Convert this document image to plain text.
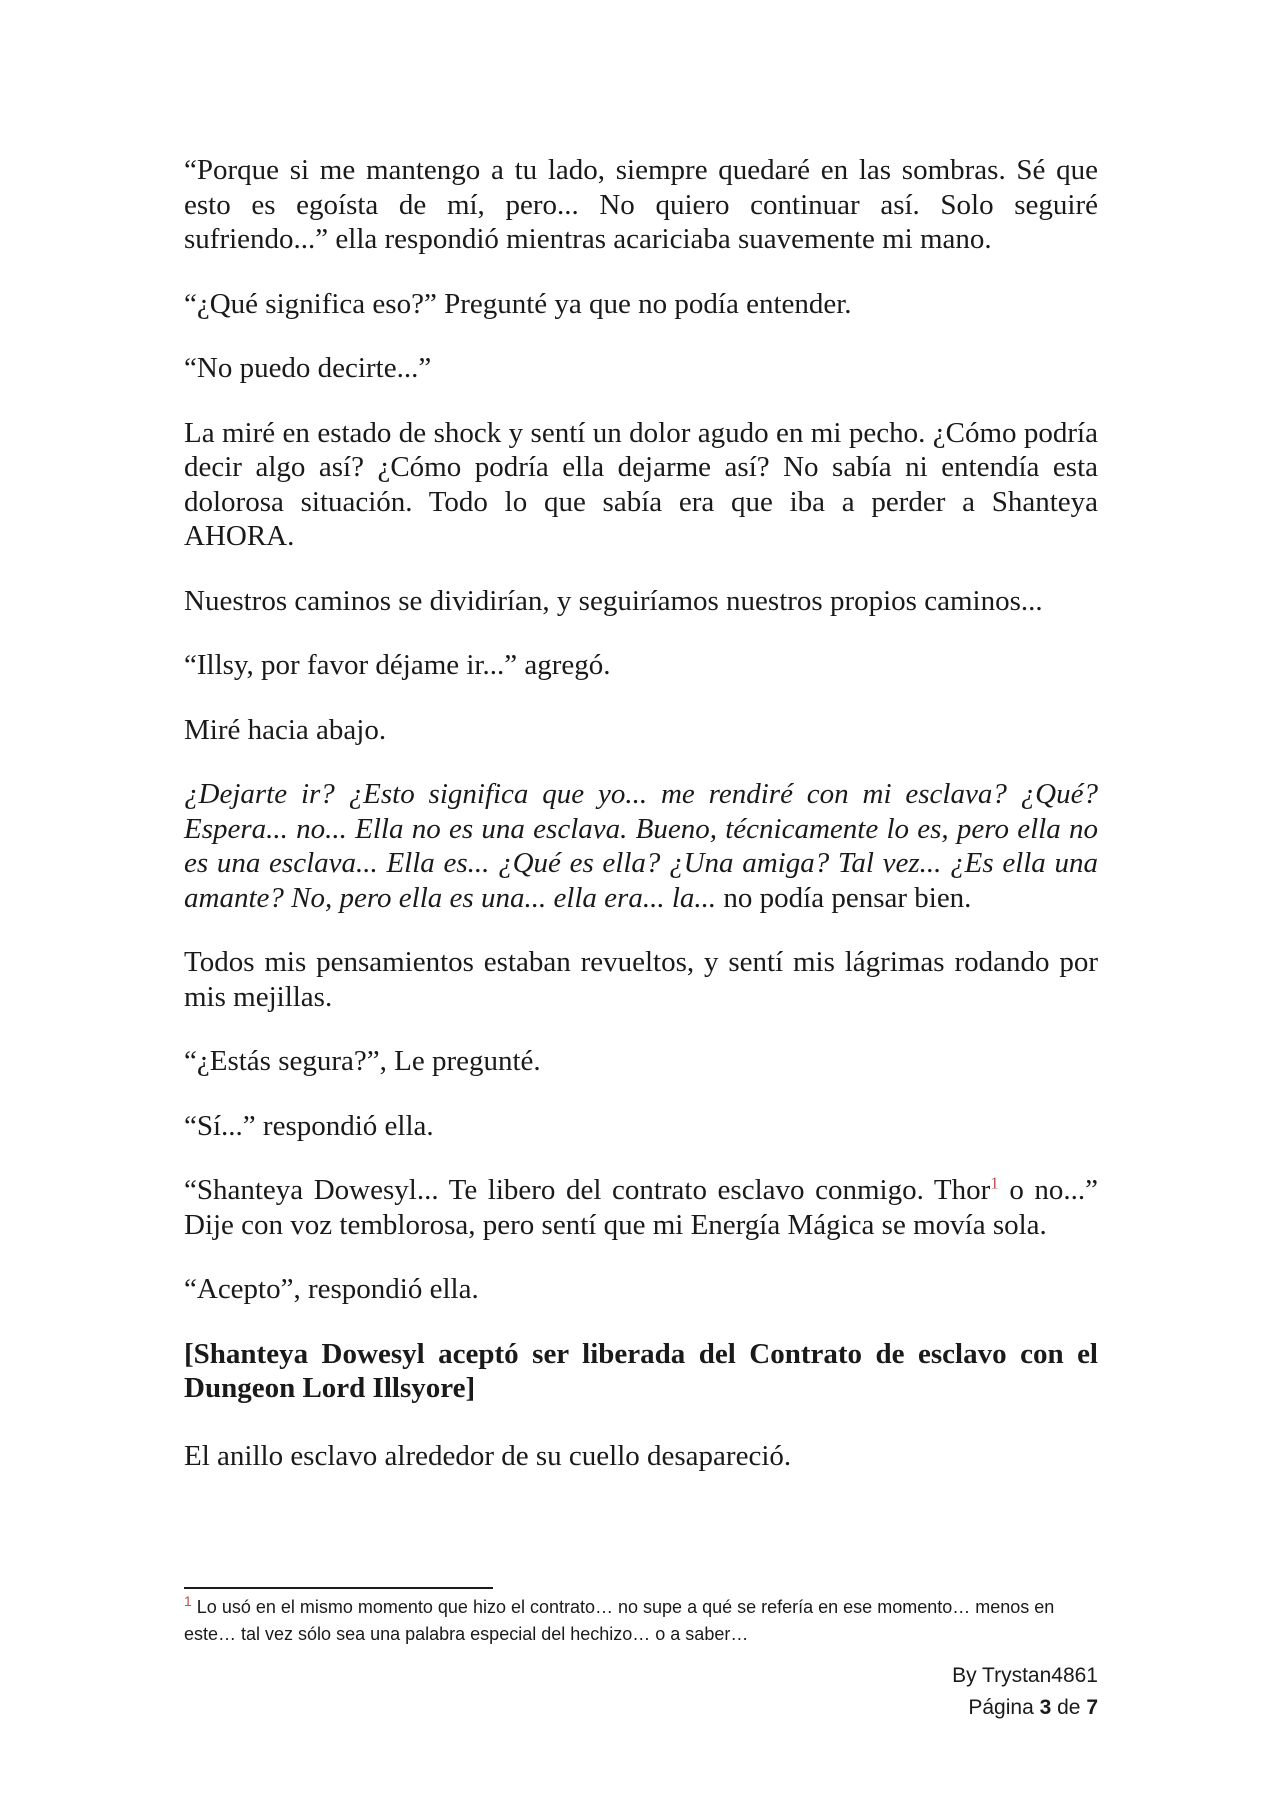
“Porque si me mantengo a tu lado, siempre quedaré en las sombras. Sé que esto es egoísta de mí, pero... No quiero continuar así. Solo seguiré sufriendo...” ella respondió mientras acariciaba suavemente mi mano.

“¿Qué significa eso?” Pregunté ya que no podía entender.

“No puedo decirte...”

La miré en estado de shock y sentí un dolor agudo en mi pecho. ¿Cómo podría decir algo así? ¿Cómo podría ella dejarme así? No sabía ni entendía esta dolorosa situación. Todo lo que sabía era que iba a perder a Shanteya AHORA.

Nuestros caminos se dividirían, y seguiríamos nuestros propios caminos...

“Illsy, por favor déjame ir...” agregó.

Miré hacia abajo.

¿Dejarte ir? ¿Esto significa que yo... me rendiré con mi esclava? ¿Qué? Espera... no... Ella no es una esclava. Bueno, técnicamente lo es, pero ella no es una esclava... Ella es... ¿Qué es ella? ¿Una amiga? Tal vez... ¿Es ella una amante? No, pero ella es una... ella era... la... no podía pensar bien.

Todos mis pensamientos estaban revueltos, y sentí mis lágrimas rodando por mis mejillas.

“¿Estás segura?”, Le pregunté.

“Sí...” respondió ella.

“Shanteya Dowesyl... Te libero del contrato esclavo conmigo. Thor$^1$ o no...” Dije con voz temblorosa, pero sentí que mi Energía Mágica se movía sola.

“Acepto”, respondió ella.

[Shanteya Dowesyl aceptó ser liberada del Contrato de esclavo con el Dungeon Lord Illsyore]

El anillo esclavo alrededor de su cuello desapareció.

$^1$ Lo usó en el mismo momento que hizo el contrato… no supe a qué se refería en ese momento… menos en este… tal vez sólo sea una palabra especial del hechizo… o a saber…
By Trystan4861
Página 3 de 7
